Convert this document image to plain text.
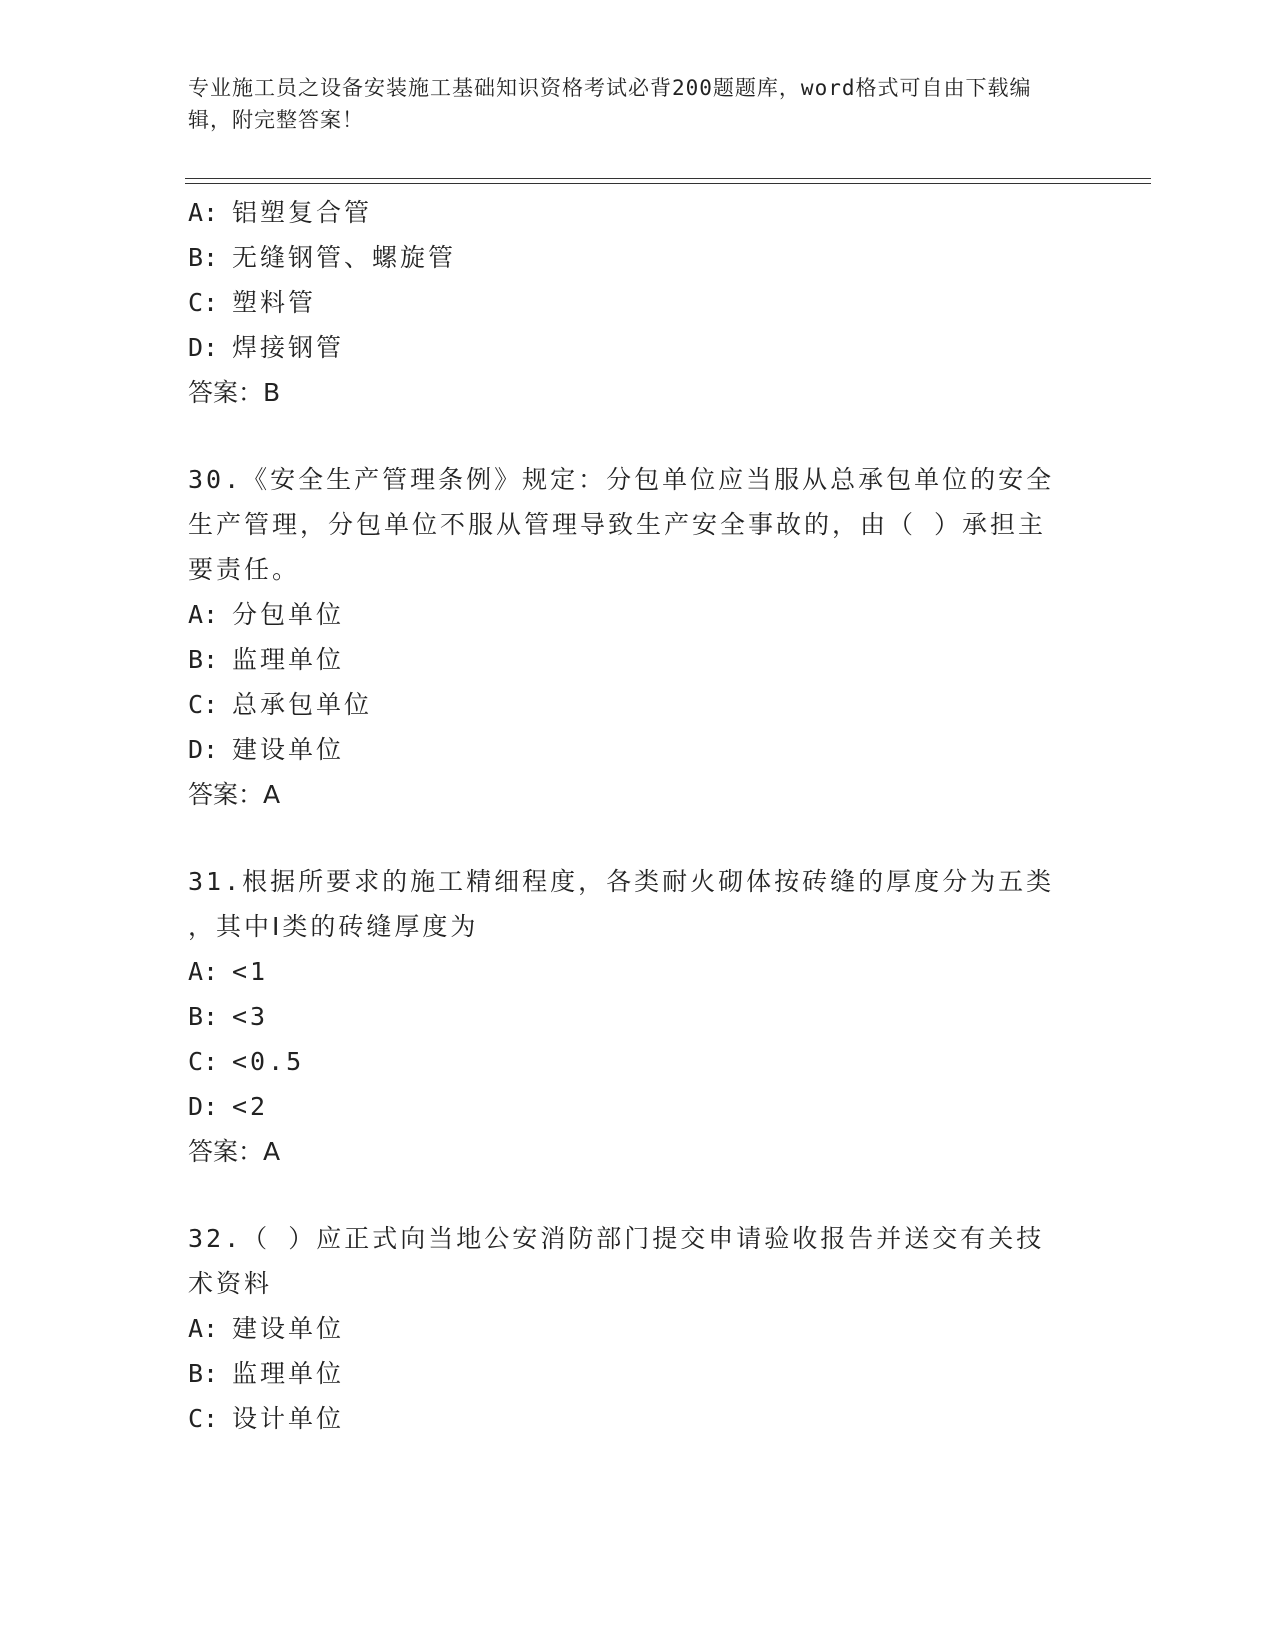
专业施工员之设备安装施工基础知识资格考试必背200题题库，word格式可自由下载编辑，附完整答案！
A: 铝塑复合管
B: 无缝钢管、螺旋管
C: 塑料管
D: 焊接钢管
答案：B
30.《安全生产管理条例》规定：分包单位应当服从总承包单位的安全
生产管理，分包单位不服从管理导致生产安全事故的，由（ ）承担主
要责任。
A: 分包单位
B: 监理单位
C: 总承包单位
D: 建设单位
答案：A
31.根据所要求的施工精细程度，各类耐火砌体按砖缝的厚度分为五类
，其中Ⅰ类的砖缝厚度为
A: <1
B: <3
C: <0.5
D: <2
答案：A
32.（ ）应正式向当地公安消防部门提交申请验收报告并送交有关技
术资料
A: 建设单位
B: 监理单位
C: 设计单位
